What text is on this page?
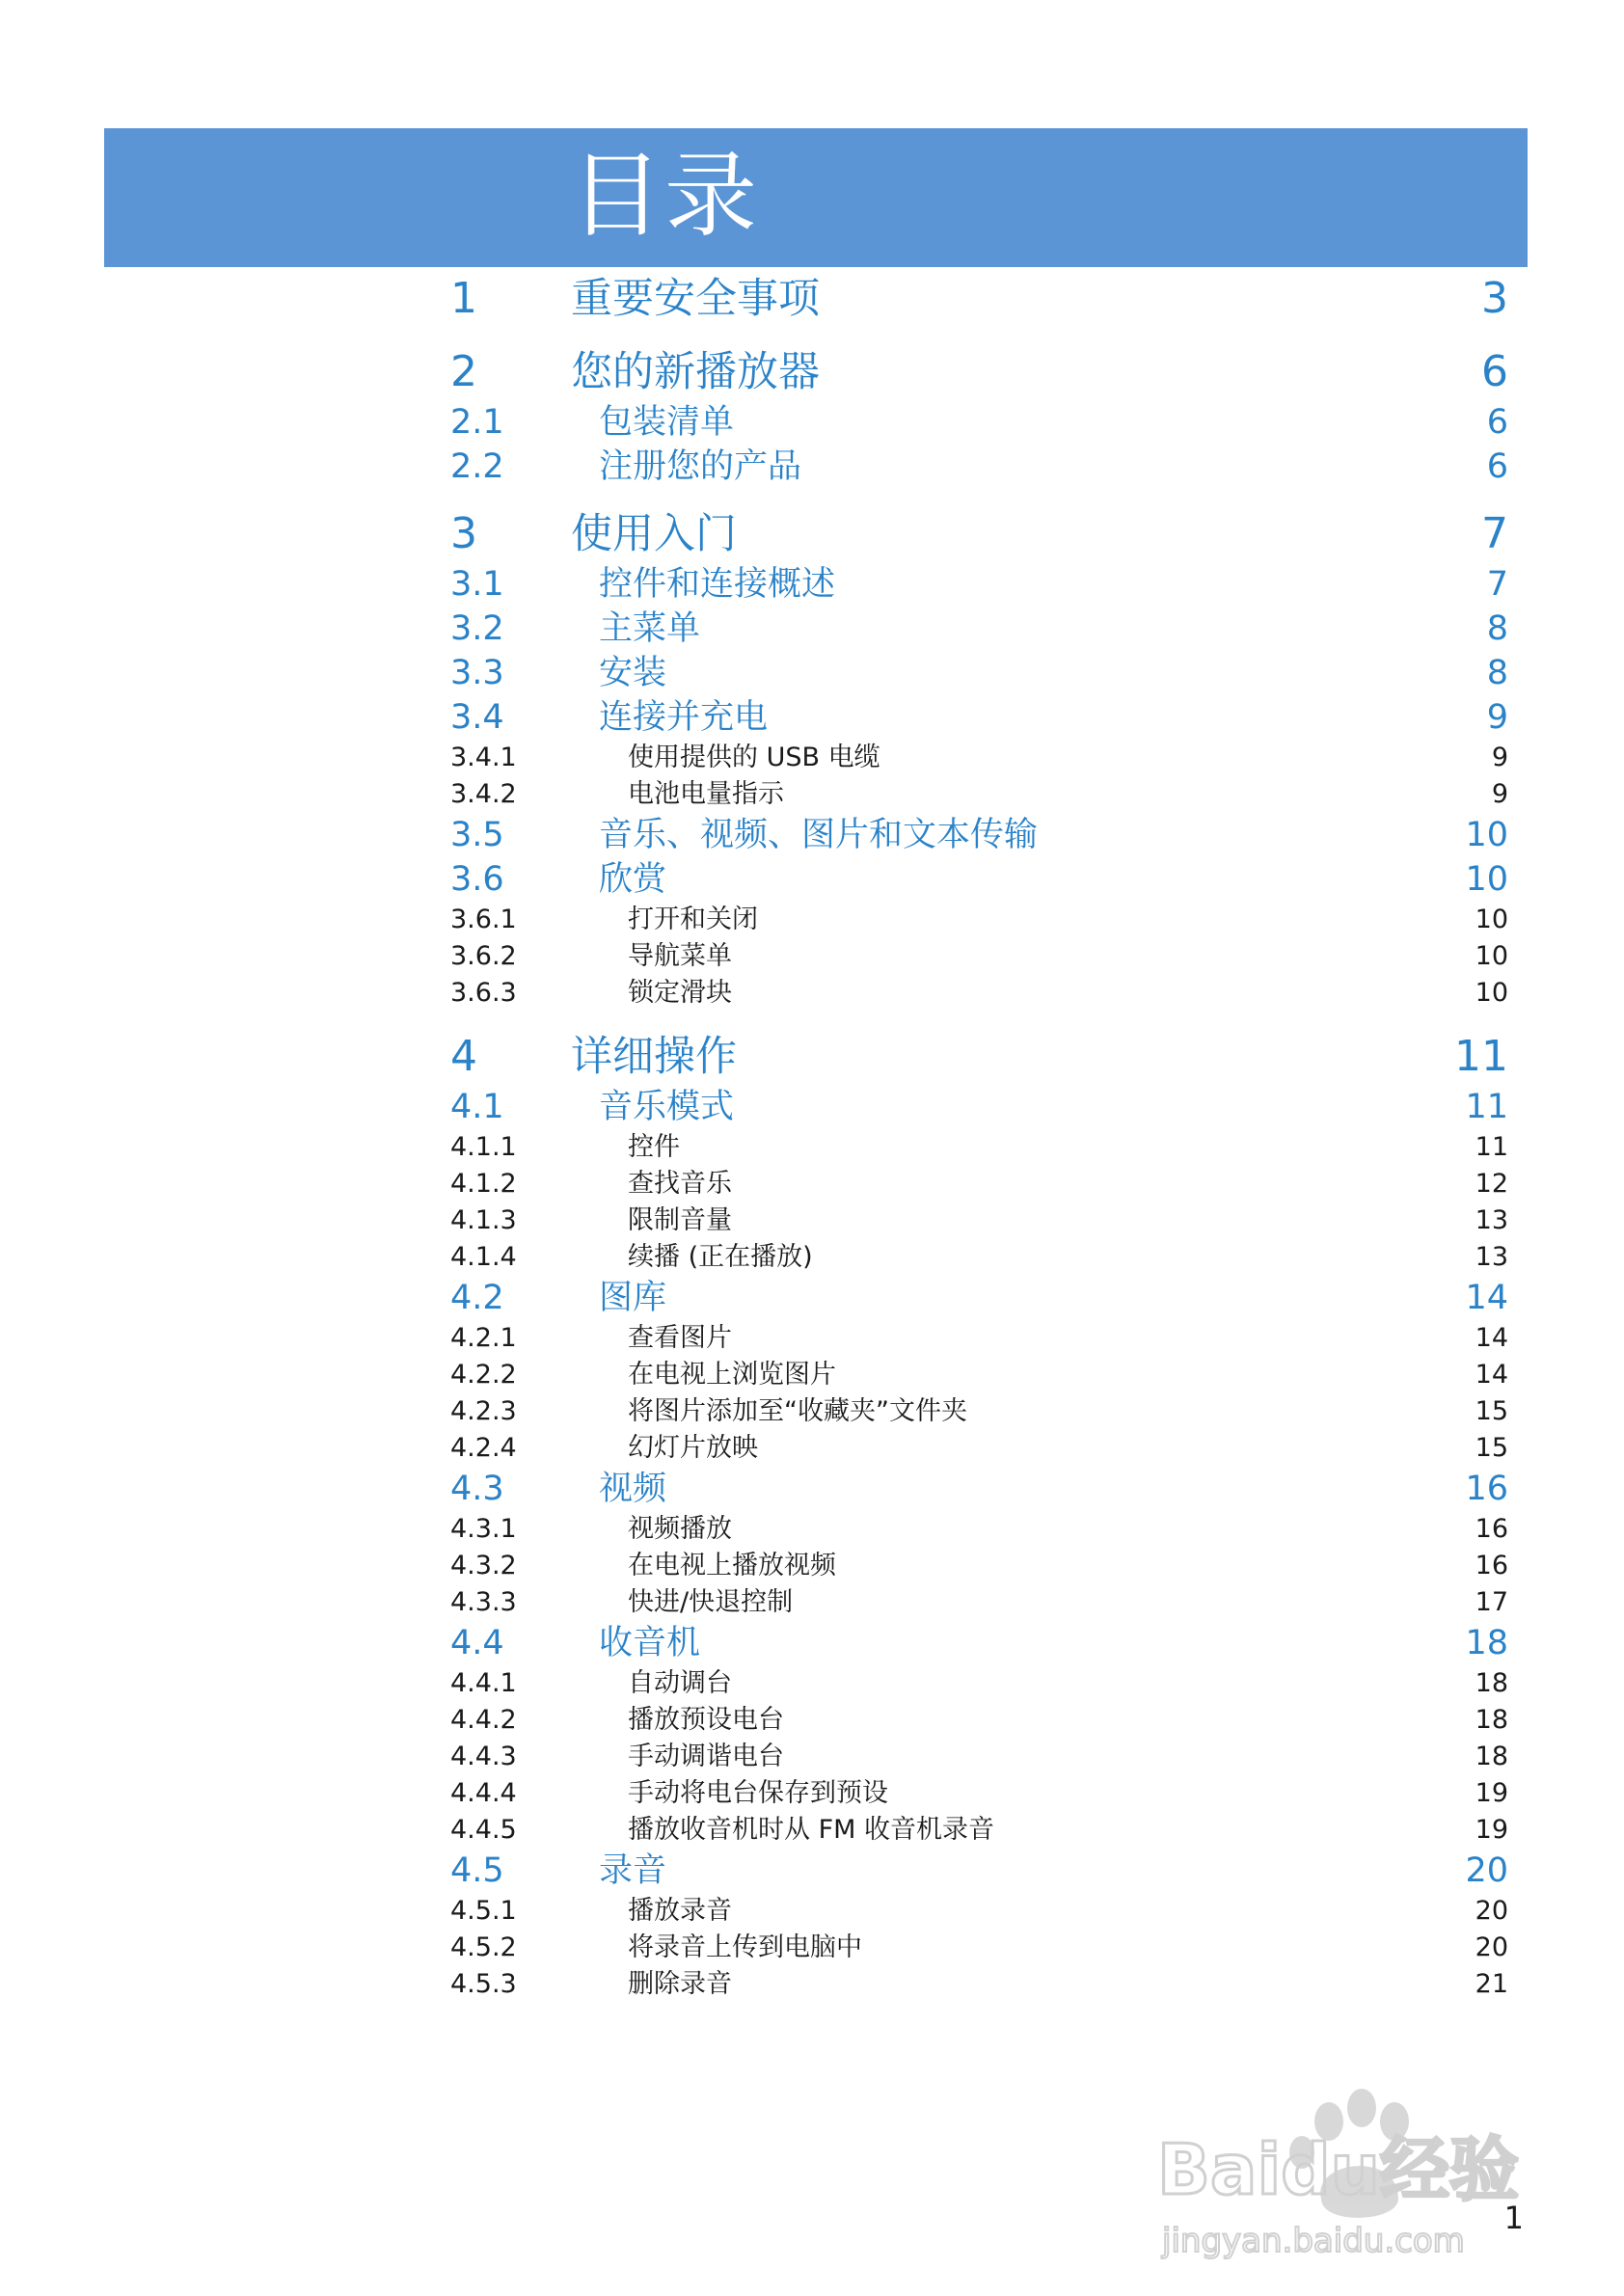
目录
1 重要安全事项	3
2 您的新播放器	6
2.1	包装清单	6
2.2	注册您的产品	6
3 使用入门	7
3.1	控件和连接概述	7
3.2	主菜单	8
3.3	安装	8
3.4	连接并充电	9
3.4.1	使用提供的 USB 电缆	9
3.4.2	电池电量指示	9
3.5	音乐、视频、图片和文本传输	10
3.6	欣赏	10
3.6.1	打开和关闭	10
3.6.2	导航菜单	10
3.6.3	锁定滑块	10
4 详细操作	11
4.1	音乐模式	11
4.1.1	控件	11
4.1.2	查找音乐	12
4.1.3	限制音量	13
4.1.4	续播 (正在播放)	13
4.2	图库	14
4.2.1	查看图片	14
4.2.2	在电视上浏览图片	14
4.2.3	将图片添加至“收藏夹”文件夹	15
4.2.4	幻灯片放映	15
4.3	视频	16
4.3.1	视频播放	16
4.3.2	在电视上播放视频	16
4.3.3	快进/快退控制	17
4.4	收音机	18
4.4.1	自动调台	18
4.4.2	播放预设电台	18
4.4.3	手动调谐电台	18
4.4.4	手动将电台保存到预设	19
4.4.5	播放收音机时从 FM 收音机录音	19
4.5	录音	20
4.5.1	播放录音	20
4.5.2	将录音上传到电脑中	20
4.5.3	删除录音	21
1
Baidu经验
jingyan.baidu.com
